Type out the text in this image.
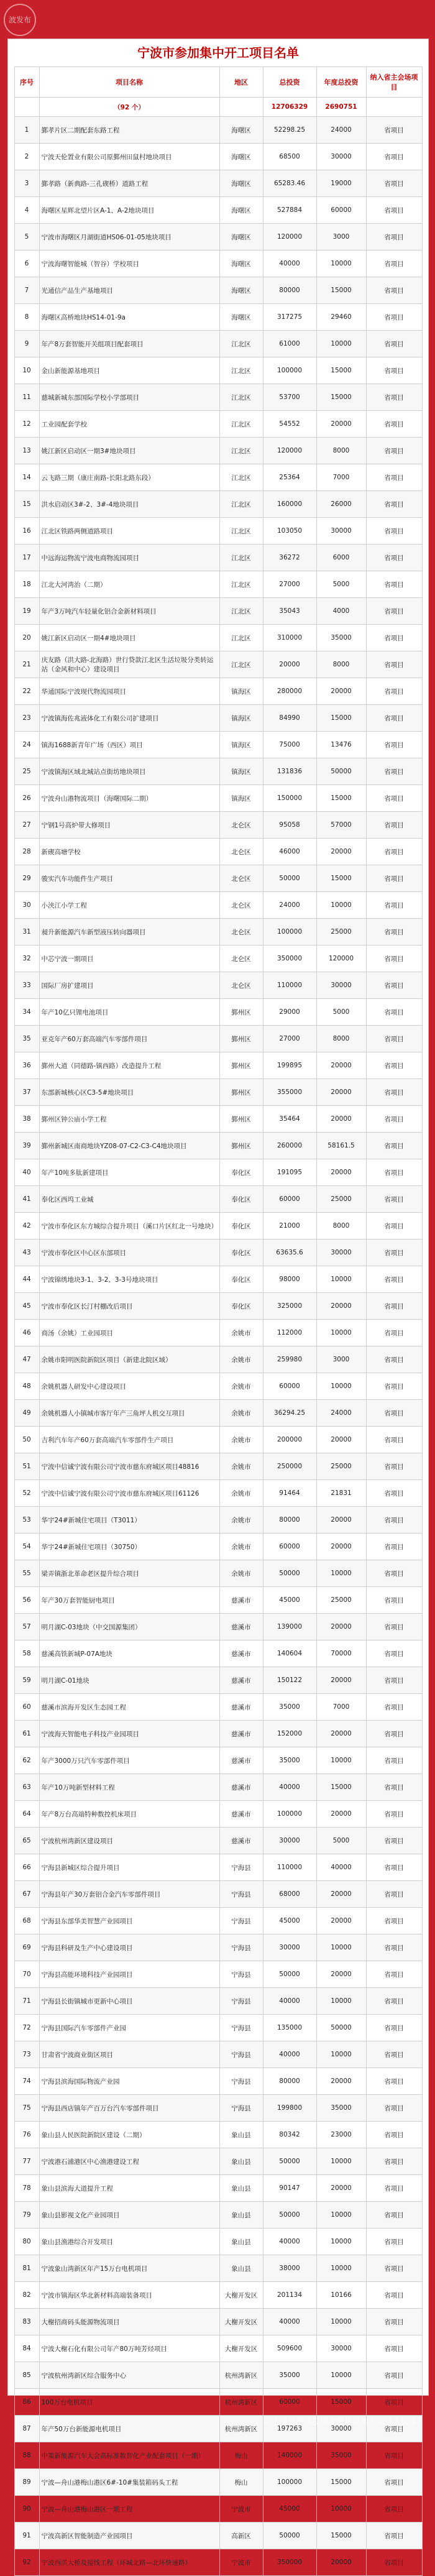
波发布
宁波市参加集中开工项目名单
序号	项目名称	地区	总投资	年度总投资	纳入省主会场项目
	（92 个）		12706329	2690751	
1	鄞孝片区二期配套东路工程	海曙区	52298.25	24000	省项目
2	宁波天伦置业有限公司原鄞州田鼠村地块项目	海曙区	68500	30000	省项目
3	鄞孝路（新典路-三孔碶桥）道路工程	海曙区	65283.46	19000	省项目
4	海曙区星辉北望片区A-1、A-2地块项目	海曙区	527884	60000	省项目
5	宁波市海曙区月湖街道HS06-01-05地块项目	海曙区	120000	3000	省项目
6	宁波海曙智能城（智谷）学校项目	海曙区	40000	10000	省项目
7	光通信产品生产基地项目	海曙区	80000	15000	省项目
8	海曙区高桥地块HS14-01-9a	海曙区	317275	29460	省项目
9	年产8万套智能开关组项目配套项目	江北区	61000	10000	省项目
10	金山新能源基地项目	江北区	100000	15000	省项目
11	慈城新城东部国际学校小学部项目	江北区	53700	15000	省项目
12	工业园配套学校	江北区	54552	20000	省项目
13	姚江新区启动区一期3#地块项目	江北区	120000	8000	省项目
14	云飞路三期（康庄南路-长阳北路东段）	江北区	25364	7000	省项目
15	洪水启动区3#-2、3#-4地块项目	江北区	160000	26000	省项目
16	江北区铁路两侧道路项目	江北区	103050	30000	省项目
17	中远海运物流宁波电商物流园项目	江北区	36272	6000	省项目
18	江北大河湾治（二期）	江北区	27000	5000	省项目
19	年产3万吨汽车轻量化铝合金新材料项目	江北区	35043	4000	省项目
20	姚江新区启动区一期4#地块项目	江北区	310000	35000	省项目
21	庆友路（洪大路-北海路）世行贷款江北区生活垃圾分类转运站（金风和中心）建设项目	江北区	20000	8000	省项目
22	华通国际宁波现代物流园项目	镇海区	280000	20000	省项目
23	宁波镇海佐兆液体化工有限公司扩建项目	镇海区	84990	15000	省项目
24	镇海1688新青年广场（西区）项目	镇海区	75000	13476	省项目
25	宁波镇海区域北城站点街坊地块项目	镇海区	131836	50000	省项目
26	宁波舟山港物流项目（海曙国际二期）	镇海区	150000	15000	省项目
27	宁钢1号高炉带大修项目	北仑区	95058	57000	省项目
28	新碶高塘学校	北仑区	46000	20000	省项目
29	骏实汽车功能件生产项目	北仑区	50000	15000	省项目
30	小浃江小学工程	北仑区	24000	10000	省项目
31	昶升新能源汽车新型液压转向器项目	北仑区	100000	25000	省项目
32	中芯宁波一期项目	北仑区	350000	120000	省项目
33	国际厂房扩建项目	北仑区	110000	30000	省项目
34	年产10亿只锂电池项目	鄞州区	29000	5000	省项目
35	亚克年产60万套高端汽车零部件项目	鄞州区	27000	8000	省项目
36	鄞州大道（同德路-镇西路）改造提升工程	鄞州区	199895	20000	省项目
37	东部新城核心区C3-5#地块项目	鄞州区	355000	20000	省项目
38	鄞州区钟公庙小学工程	鄞州区	35464	20000	省项目
39	鄞州新城区南商地块YZ08-07-C2-C3-C4地块项目	鄞州区	260000	58161.5	省项目
40	年产10吨多肽新建项目	奉化区	191095	20000	省项目
41	奉化区西坞工业城	奉化区	60000	25000	省项目
42	宁波市奉化区东方城综合提升项目（溪口片区红北一号地块）	奉化区	21000	8000	省项目
43	宁波市奉化区中心区东部项目	奉化区	63635.6	30000	省项目
44	宁波锦绣地块3-1、3-2、3-3号地块项目	奉化区	98000	10000	省项目
45	宁波市奉化区长汀村棚改后项目	奉化区	325000	20000	省项目
46	商汤（余姚）工业园项目	余姚市	112000	10000	省项目
47	余姚市阳明医院新院区项目（新建北院区域）	余姚市	259980	3000	省项目
48	余姚机器人研发中心建设项目	余姚市	60000	10000	省项目
49	余姚机器人小镇城市客厅年产三角坪人机交互项目	余姚市	36294.25	24000	省项目
50	吉利汽车年产60万套高端汽车零部件生产项目	余姚市	200000	20000	省项目
51	宁波中信诚宁波有限公司宁波市慈东府城区项目48816	余姚市	250000	25000	省项目
52	宁波中信诚宁波有限公司宁波市慈东府城区项目61126	余姚市	91464	21831	省项目
53	华宇24#新城住宅项目（T3011）	余姚市	80000	20000	省项目
54	华宇24#新城住宅项目（30750）	余姚市	60000	20000	省项目
55	梁弄镇浙北革命老区提升综合项目	余姚市	50000	10000	省项目
56	年产30万套智能厨电项目	慈溪市	45000	25000	省项目
57	明月湖C-03地块（中交国源集团）	慈溪市	139000	20000	省项目
58	慈溪高铁新城P-07A地块	慈溪市	140604	70000	省项目
59	明月湖C-01地块	慈溪市	150122	20000	省项目
60	慈溪市滨海开发区生态园工程	慈溪市	35000	7000	省项目
61	宁波海天智能电子科技产业园项目	慈溪市	152000	20000	省项目
62	年产3000万只汽车零部件项目	慈溪市	35000	10000	省项目
63	年产10万吨新型材料工程	慈溪市	40000	15000	省项目
64	年产8万台高端特种数控机床项目	慈溪市	100000	20000	省项目
65	宁波杭州湾新区建设项目	慈溪市	30000	5000	省项目
66	宁海县新城区综合提升项目	宁海县	110000	40000	省项目
67	宁海县年产30万套铝合金汽车零部件项目	宁海县	68000	20000	省项目
68	宁海县东部华美智慧产业园项目	宁海县	45000	20000	省项目
69	宁海县科研及生产中心建设项目	宁海县	30000	10000	省项目
70	宁海县高能环境科技产业园项目	宁海县	50000	20000	省项目
71	宁海县长街镇城市更新中心项目	宁海县	40000	10000	省项目
72	宁海县国际汽车零部件产业园	宁海县	135000	50000	省项目
73	甘肃省宁波商业街区项目	宁海县	40000	10000	省项目
74	宁海县滨海国际物流产业园	宁海县	80000	20000	省项目
75	宁海县西店镇年产百万台汽车零部件项目	宁海县	199800	35000	省项目
76	象山县人民医院新院区建设（二期）	象山县	80342	23000	省项目
77	宁波港石浦港区中心渔港建设工程	象山县	50000	10000	省项目
78	象山县滨海大道提升工程	象山县	90147	20000	省项目
79	象山县影视文化产业园项目	象山县	50000	10000	省项目
80	象山县渔港综合开发项目	象山县	40000	10000	省项目
81	宁波象山湾新区年产15万台电机项目	象山县	38000	10000	省项目
82	宁波市镇海区华北新材料高端装备项目	大榭开发区	201134	10166	省项目
83	大榭招商码头能源物流项目	大榭开发区	40000	10000	省项目
84	宁波大榭石化有限公司年产80万吨芳烃项目	大榭开发区	509600	30000	省项目
85	宁波杭州湾新区综合服务中心	杭州湾新区	35000	10000	省项目
86	100万台电机项目	杭州湾新区	60000	15000	省项目
87	年产50万台新能源电机项目	杭州湾新区	197263	30000	省项目
88	中策新能源汽车大会高标准数智化产业配套项目（一期）	梅山	140000	35000	省项目
89	宁波—舟山港梅山港区6#-10#集装箱码头工程	梅山	100000	15000	省项目
90	宁波—舟山港梅山港区一期工程	宁波市	45000	10000	省项目
91	宁波高新区智能制造产业园项目	高新区	50000	15000	省项目
92	宁波西洪大桥及接线工程（环城北路—北环快速路）	宁波市	350000	20000	省项目
注：以上项目所涉投资金额单位为万元（人民币）
